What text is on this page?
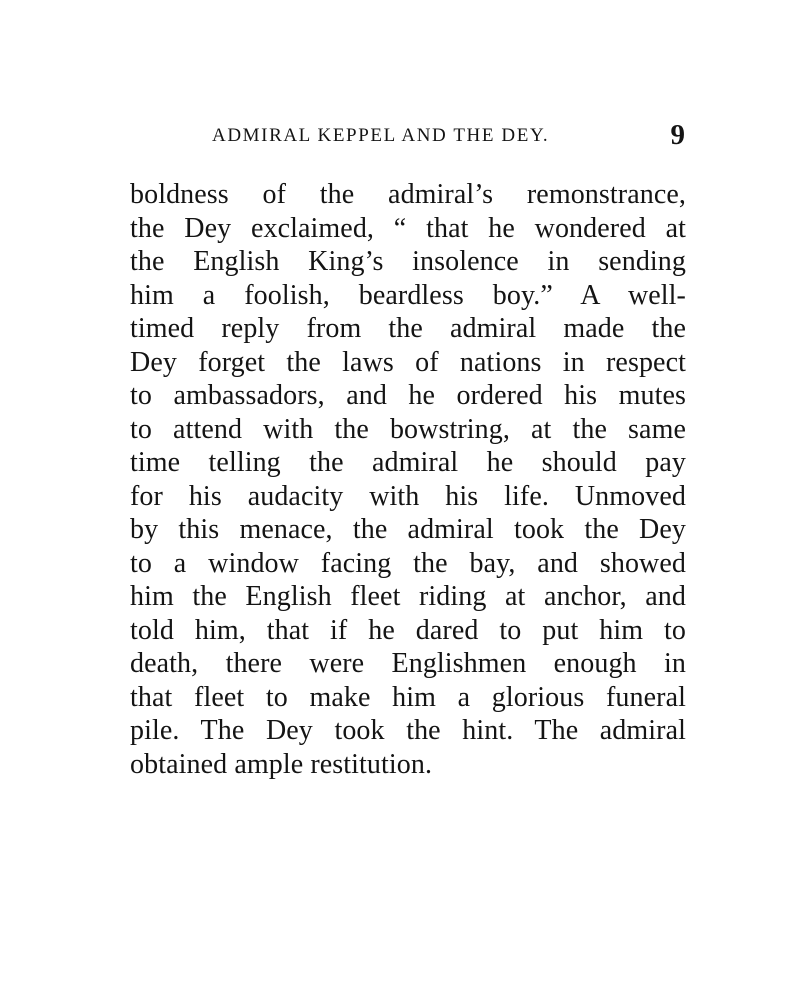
ADMIRAL KEPPEL AND THE DEY.	9
boldness of the admiral’s remonstrance,
the Dey exclaimed, “ that he wondered at
the English King’s insolence in sending
him a foolish, beardless boy.” A well-
timed reply from the admiral made the
Dey forget the laws of nations in respect
to ambassadors, and he ordered his mutes
to attend with the bowstring, at the same
time telling the admiral he should pay
for his audacity with his life. Unmoved
by this menace, the admiral took the Dey
to a window facing the bay, and showed
him the English fleet riding at anchor, and
told him, that if he dared to put him to
death, there were Englishmen enough in
that fleet to make him a glorious funeral
pile. The Dey took the hint. The admiral
obtained ample restitution.
